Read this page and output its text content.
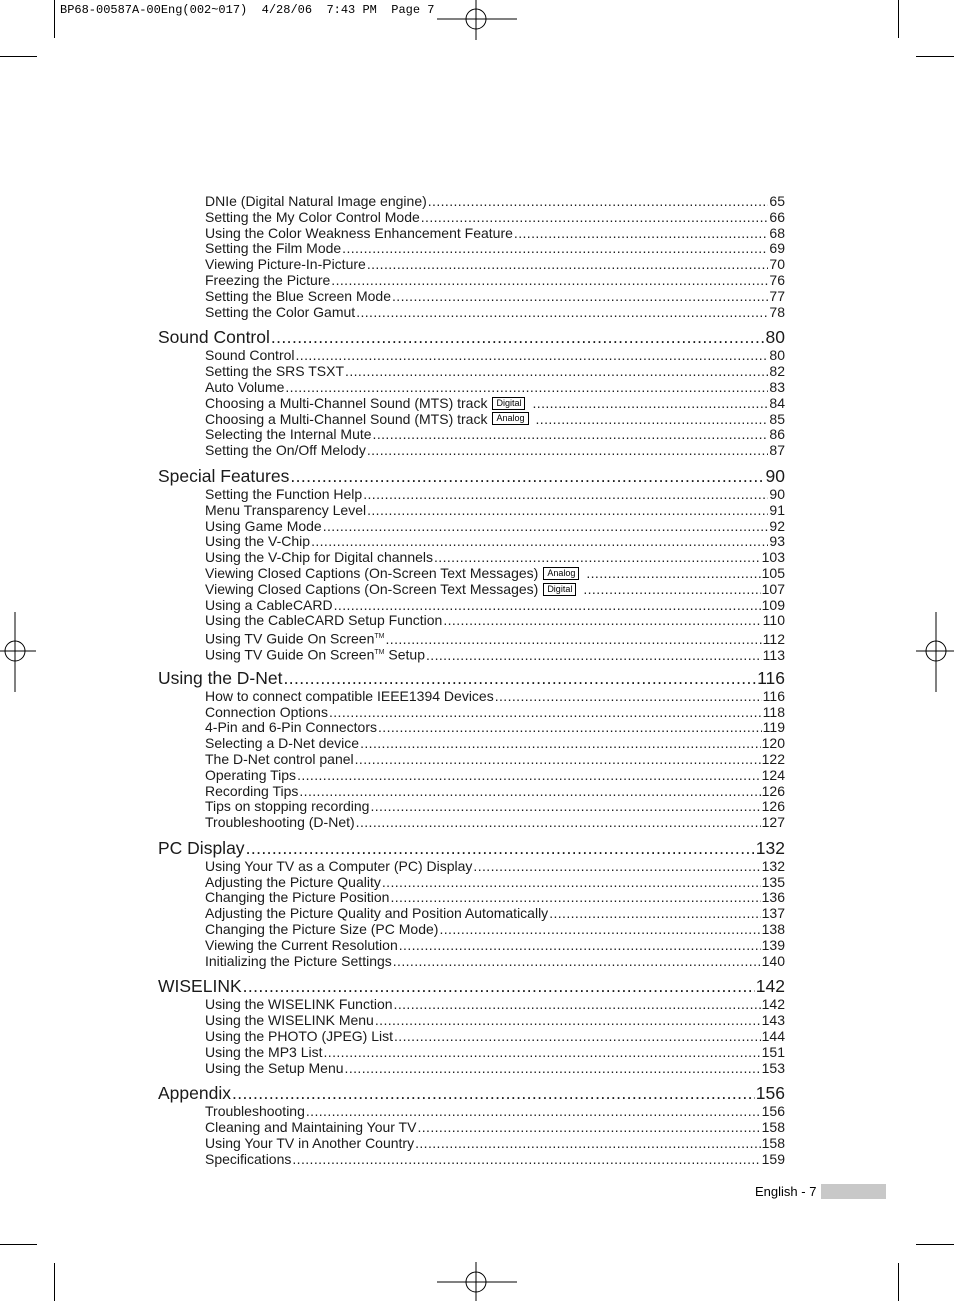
BP68-00587A-00Eng(002~017)  4/28/06  7:43 PM  Page 7
DNIe (Digital Natural Image engine) .....	65
Setting the My Color Control Mode .....	66
Using the Color Weakness Enhancement Feature .....	68
Setting the Film Mode .....	69
Viewing Picture-In-Picture .....	70
Freezing the Picture .....	76
Setting the Blue Screen Mode .....	77
Setting the Color Gamut .....	78
Sound Control .....	80
Sound Control .....	80
Setting the SRS TSXT .....	82
Auto Volume .....	83
Choosing a Multi-Channel Sound (MTS) track Digital .....	84
Choosing a Multi-Channel Sound (MTS) track Analog .....	85
Selecting the Internal Mute .....	86
Setting the On/Off Melody .....	87
Special Features .....	90
Setting the Function Help .....	90
Menu Transparency Level .....	91
Using Game Mode .....	92
Using the V-Chip .....	93
Using the V-Chip for Digital channels .....	103
Viewing Closed Captions (On-Screen Text Messages) Analog .....	105
Viewing Closed Captions (On-Screen Text Messages) Digital .....	107
Using a CableCARD .....	109
Using the CableCARD Setup Function .....	110
Using TV Guide On Screen™ .....	112
Using TV Guide On Screen™ Setup .....	113
Using the D-Net .....	116
How to connect compatible IEEE1394 Devices .....	116
Connection Options .....	118
4-Pin and 6-Pin Connectors .....	119
Selecting a D-Net device .....	120
The D-Net control panel .....	122
Operating Tips .....	124
Recording Tips .....	126
Tips on stopping recording .....	126
Troubleshooting (D-Net) .....	127
PC Display .....	132
Using Your TV as a Computer (PC) Display .....	132
Adjusting the Picture Quality .....	135
Changing the Picture Position .....	136
Adjusting the Picture Quality and Position Automatically .....	137
Changing the Picture Size (PC Mode) .....	138
Viewing the Current Resolution .....	139
Initializing the Picture Settings .....	140
WISELINK .....	142
Using the WISELINK Function .....	142
Using the WISELINK Menu .....	143
Using the PHOTO (JPEG) List .....	144
Using the MP3 List .....	151
Using the Setup Menu .....	153
Appendix .....	156
Troubleshooting .....	156
Cleaning and Maintaining Your TV .....	158
Using Your TV in Another Country .....	158
Specifications .....	159
English - 7
